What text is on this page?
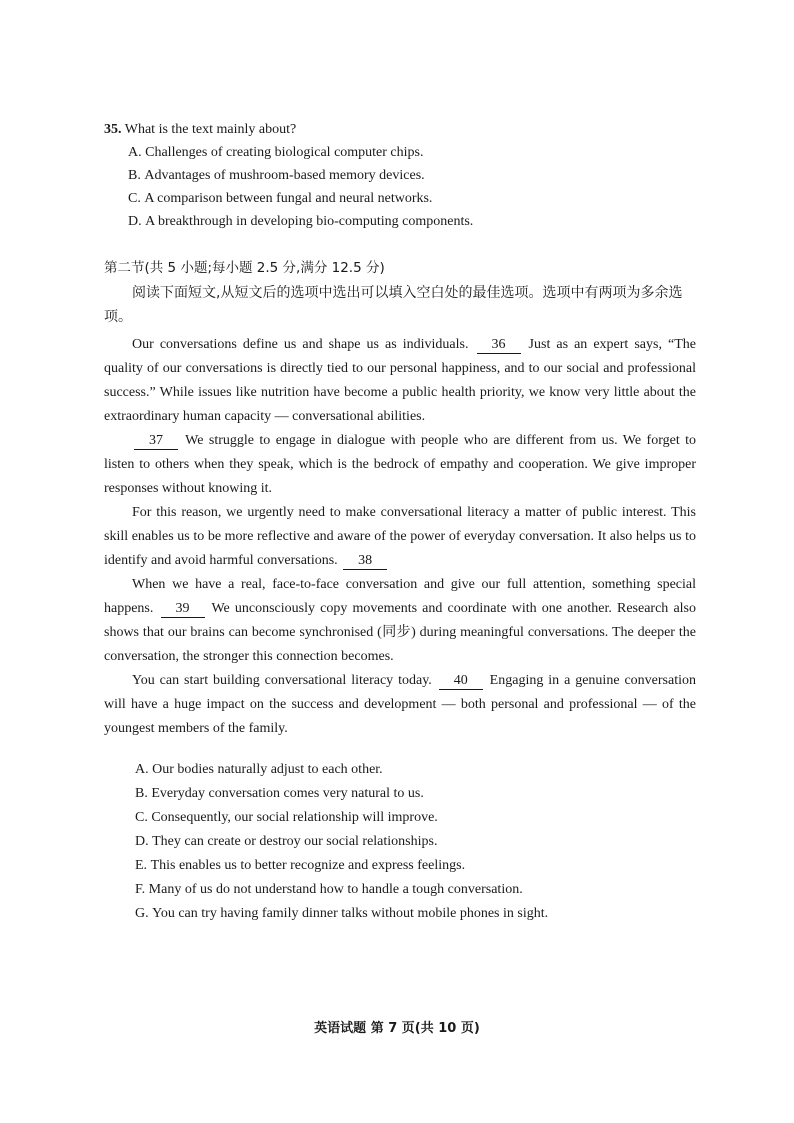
35. What is the text mainly about?
A. Challenges of creating biological computer chips.
B. Advantages of mushroom-based memory devices.
C. A comparison between fungal and neural networks.
D. A breakthrough in developing bio-computing components.
第二节(共 5 小题;每小题 2.5 分,满分 12.5 分)
阅读下面短文,从短文后的选项中选出可以填入空白处的最佳选项。选项中有两项为多余选项。

Our conversations define us and shape us as individuals. 36 Just as an expert says, “The quality of our conversations is directly tied to our personal happiness, and to our social and professional success.” While issues like nutrition have become a public health priority, we know very little about the extraordinary human capacity — conversational abilities.

37 We struggle to engage in dialogue with people who are different from us. We forget to listen to others when they speak, which is the bedrock of empathy and cooperation. We give improper responses without knowing it.

For this reason, we urgently need to make conversational literacy a matter of public interest. This skill enables us to be more reflective and aware of the power of everyday conversation. It also helps us to identify and avoid harmful conversations. 38

When we have a real, face-to-face conversation and give our full attention, something special happens. 39 We unconsciously copy movements and coordinate with one another. Research also shows that our brains can become synchronised (同步) during meaningful conversations. The deeper the conversation, the stronger this connection becomes.

You can start building conversational literacy today. 40 Engaging in a genuine conversation will have a huge impact on the success and development — both personal and professional — of the youngest members of the family.

A. Our bodies naturally adjust to each other.
B. Everyday conversation comes very natural to us.
C. Consequently, our social relationship will improve.
D. They can create or destroy our social relationships.
E. This enables us to better recognize and express feelings.
F. Many of us do not understand how to handle a tough conversation.
G. You can try having family dinner talks without mobile phones in sight.
英语试题 第 7 页(共 10 页)
